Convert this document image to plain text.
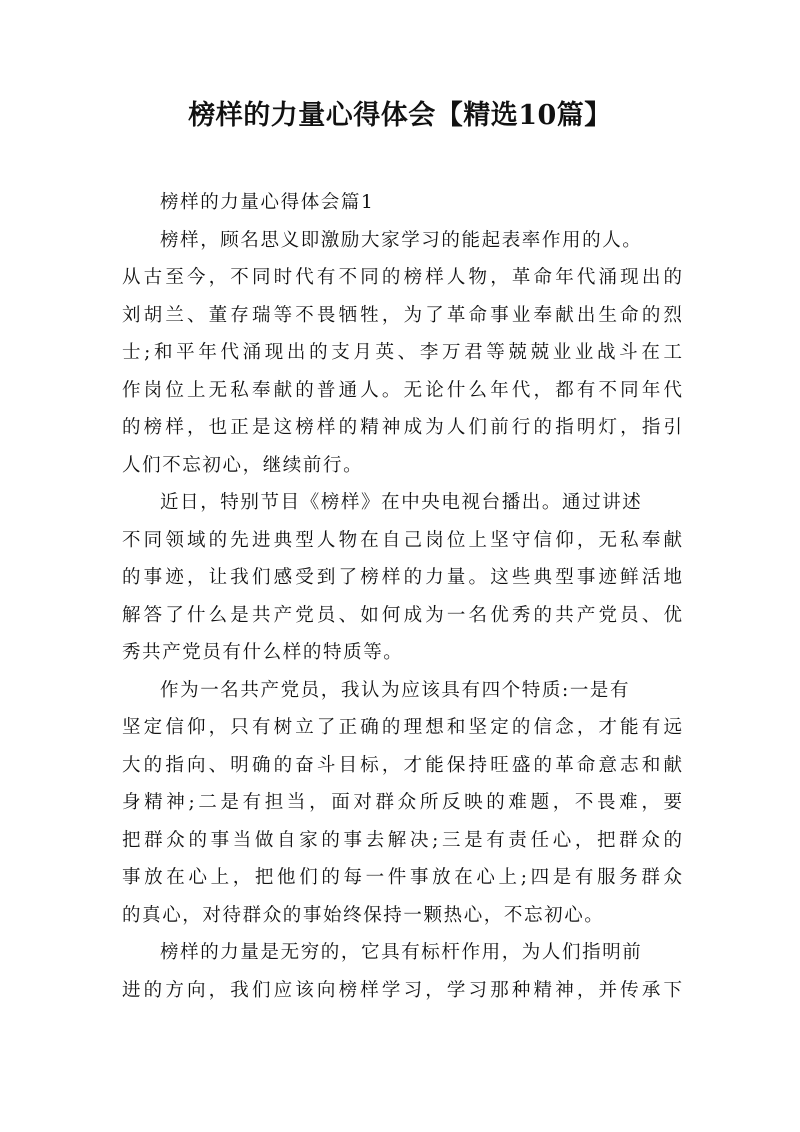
榜样的力量心得体会【精选10篇】
榜样的力量心得体会篇1
榜样，顾名思义即激励大家学习的能起表率作用的人。
从古至今，不同时代有不同的榜样人物，革命年代涌现出的
刘胡兰、董存瑞等不畏牺牲，为了革命事业奉献出生命的烈
士;和平年代涌现出的支月英、李万君等兢兢业业战斗在工
作岗位上无私奉献的普通人。无论什么年代，都有不同年代
的榜样，也正是这榜样的精神成为人们前行的指明灯，指引
人们不忘初心，继续前行。
近日，特别节目《榜样》在中央电视台播出。通过讲述
不同领域的先进典型人物在自己岗位上坚守信仰，无私奉献
的事迹，让我们感受到了榜样的力量。这些典型事迹鲜活地
解答了什么是共产党员、如何成为一名优秀的共产党员、优
秀共产党员有什么样的特质等。
作为一名共产党员，我认为应该具有四个特质:一是有
坚定信仰，只有树立了正确的理想和坚定的信念，才能有远
大的指向、明确的奋斗目标，才能保持旺盛的革命意志和献
身精神;二是有担当，面对群众所反映的难题，不畏难，要
把群众的事当做自家的事去解决;三是有责任心，把群众的
事放在心上，把他们的每一件事放在心上;四是有服务群众
的真心，对待群众的事始终保持一颗热心，不忘初心。
榜样的力量是无穷的，它具有标杆作用，为人们指明前
进的方向，我们应该向榜样学习，学习那种精神，并传承下
